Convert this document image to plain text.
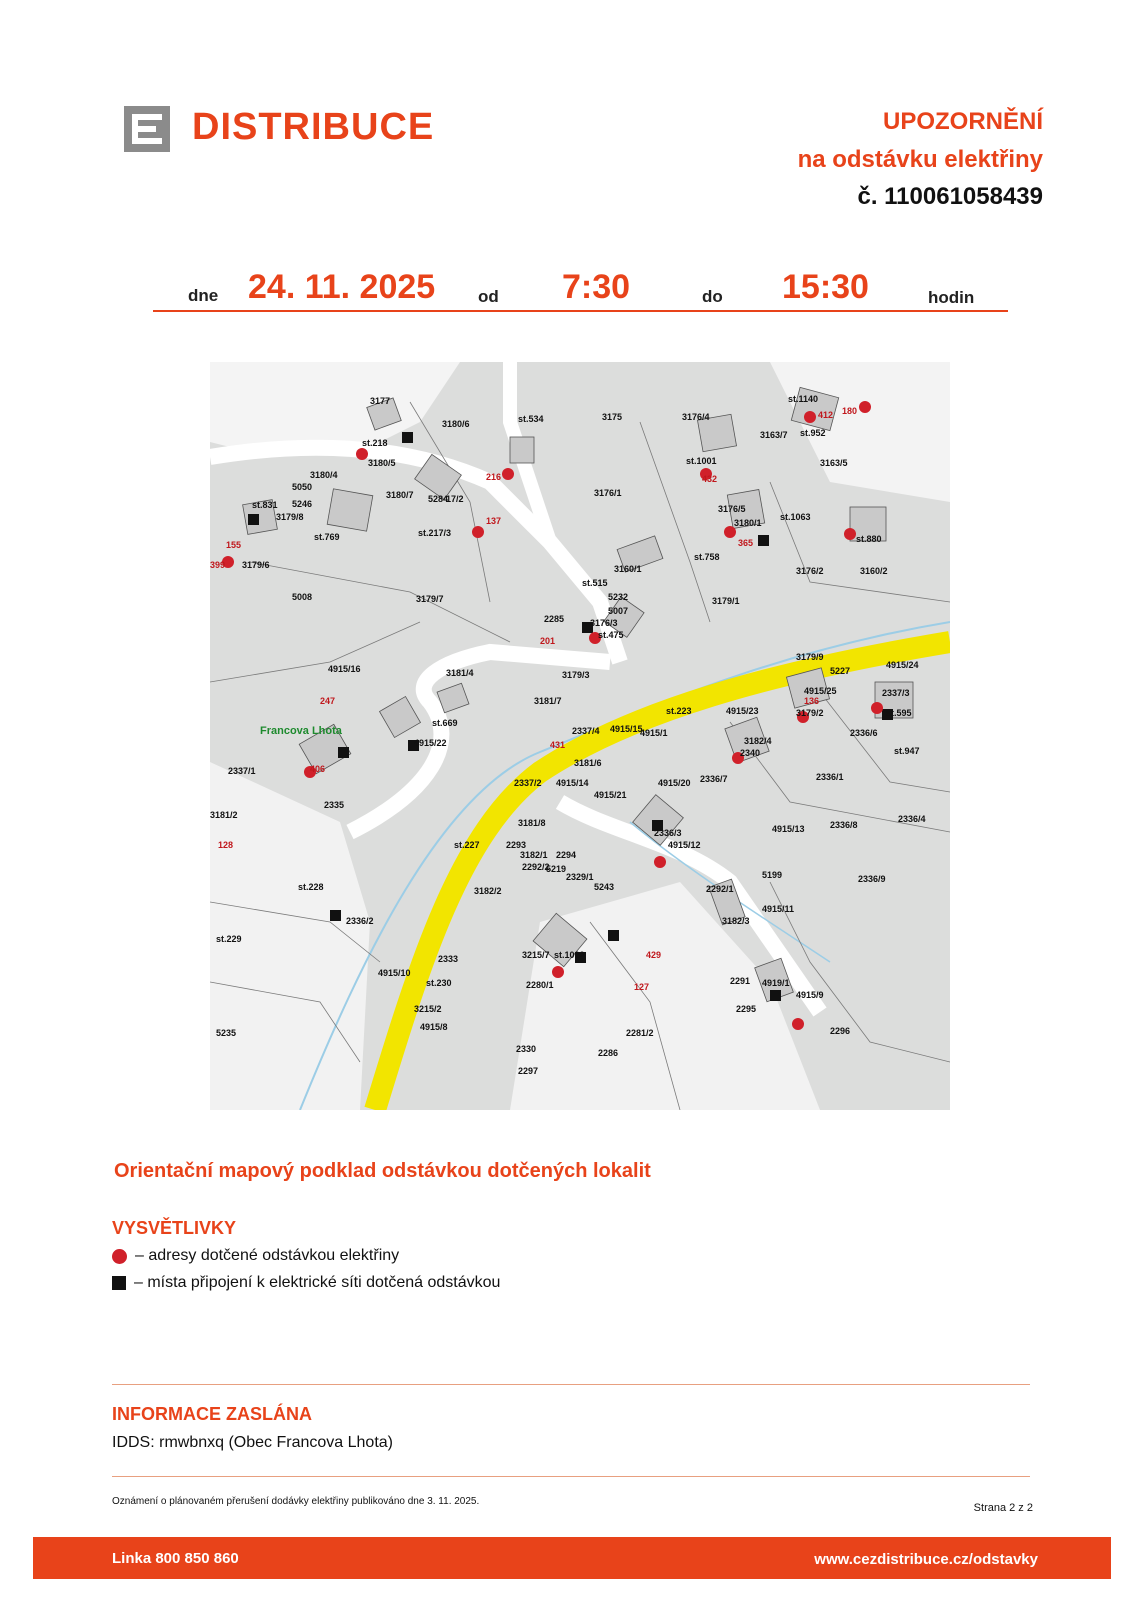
DISTRIBUCE	UPOZORNĚNÍ
na odstávku elektřiny
č. 110061058439
dne 24. 11. 2025	od 7:30	do 15:30	hodin
3177
st.218
3180/6	st.534	3175	3176/4
st.1140
180
3180/5
216
412
3163/7 st.952
3180/4
3163/5
5050
st.1001
432
5246
3180/7 5284
17/2
st.831
3179/8
3176/1
3176/5
st.1063
st.769	st.217/3
137	3180/1
155
st.880
399 3179/6
365
st.758
3176/2	3160/2
3160/1
st.515
5232
5007
5008	3179/7	3179/1
3176/3
st.475
201
3179/9
4915/16	3181/4	3179/3	5227
4915/24
4915/25	2337/3
136
247	3181/7
3179/2	st.595
st.669
st.223	4915/23
2336/6
2337/4 4915/15
4915/1
4915/22	3182/4
406
431
2340	st.947
2337/1
3181/6
4915/20 2336/7	2336/1
2337/2 4915/14
4915/21
2335
3181/2
3181/8
4915/13	2336/8
2336/4
2336/3
st.227	2293	4915/12
128
3182/1 2294
2292/2
5219
5199	2336/9
2329/1
5243	2292/1
st.228	3182/2
4915/11
2336/2	3182/3
st.229
3215/7 st.1062	429
2333
4915/10
2280/1	2291 4919/1
st.230
4915/9
127
2295
5235
3215/2
4915/8
2281/2	2296
2330	2286
2297
2285
Francova Lhota
Orientační mapový podklad odstávkou dotčených lokalit
VYSVĚTLIVKY
– adresy dotčené odstávkou elektřiny
– místa připojení k elektrické síti dotčená odstávkou
INFORMACE ZASLÁNA
IDDS: rmwbnxq (Obec Francova Lhota)
Oznámení o plánovaném přerušení dodávky elektřiny publikováno dne 3. 11. 2025.
Strana 2 z 2
Linka 800 850 860	www.cezdistribuce.cz/odstavky
